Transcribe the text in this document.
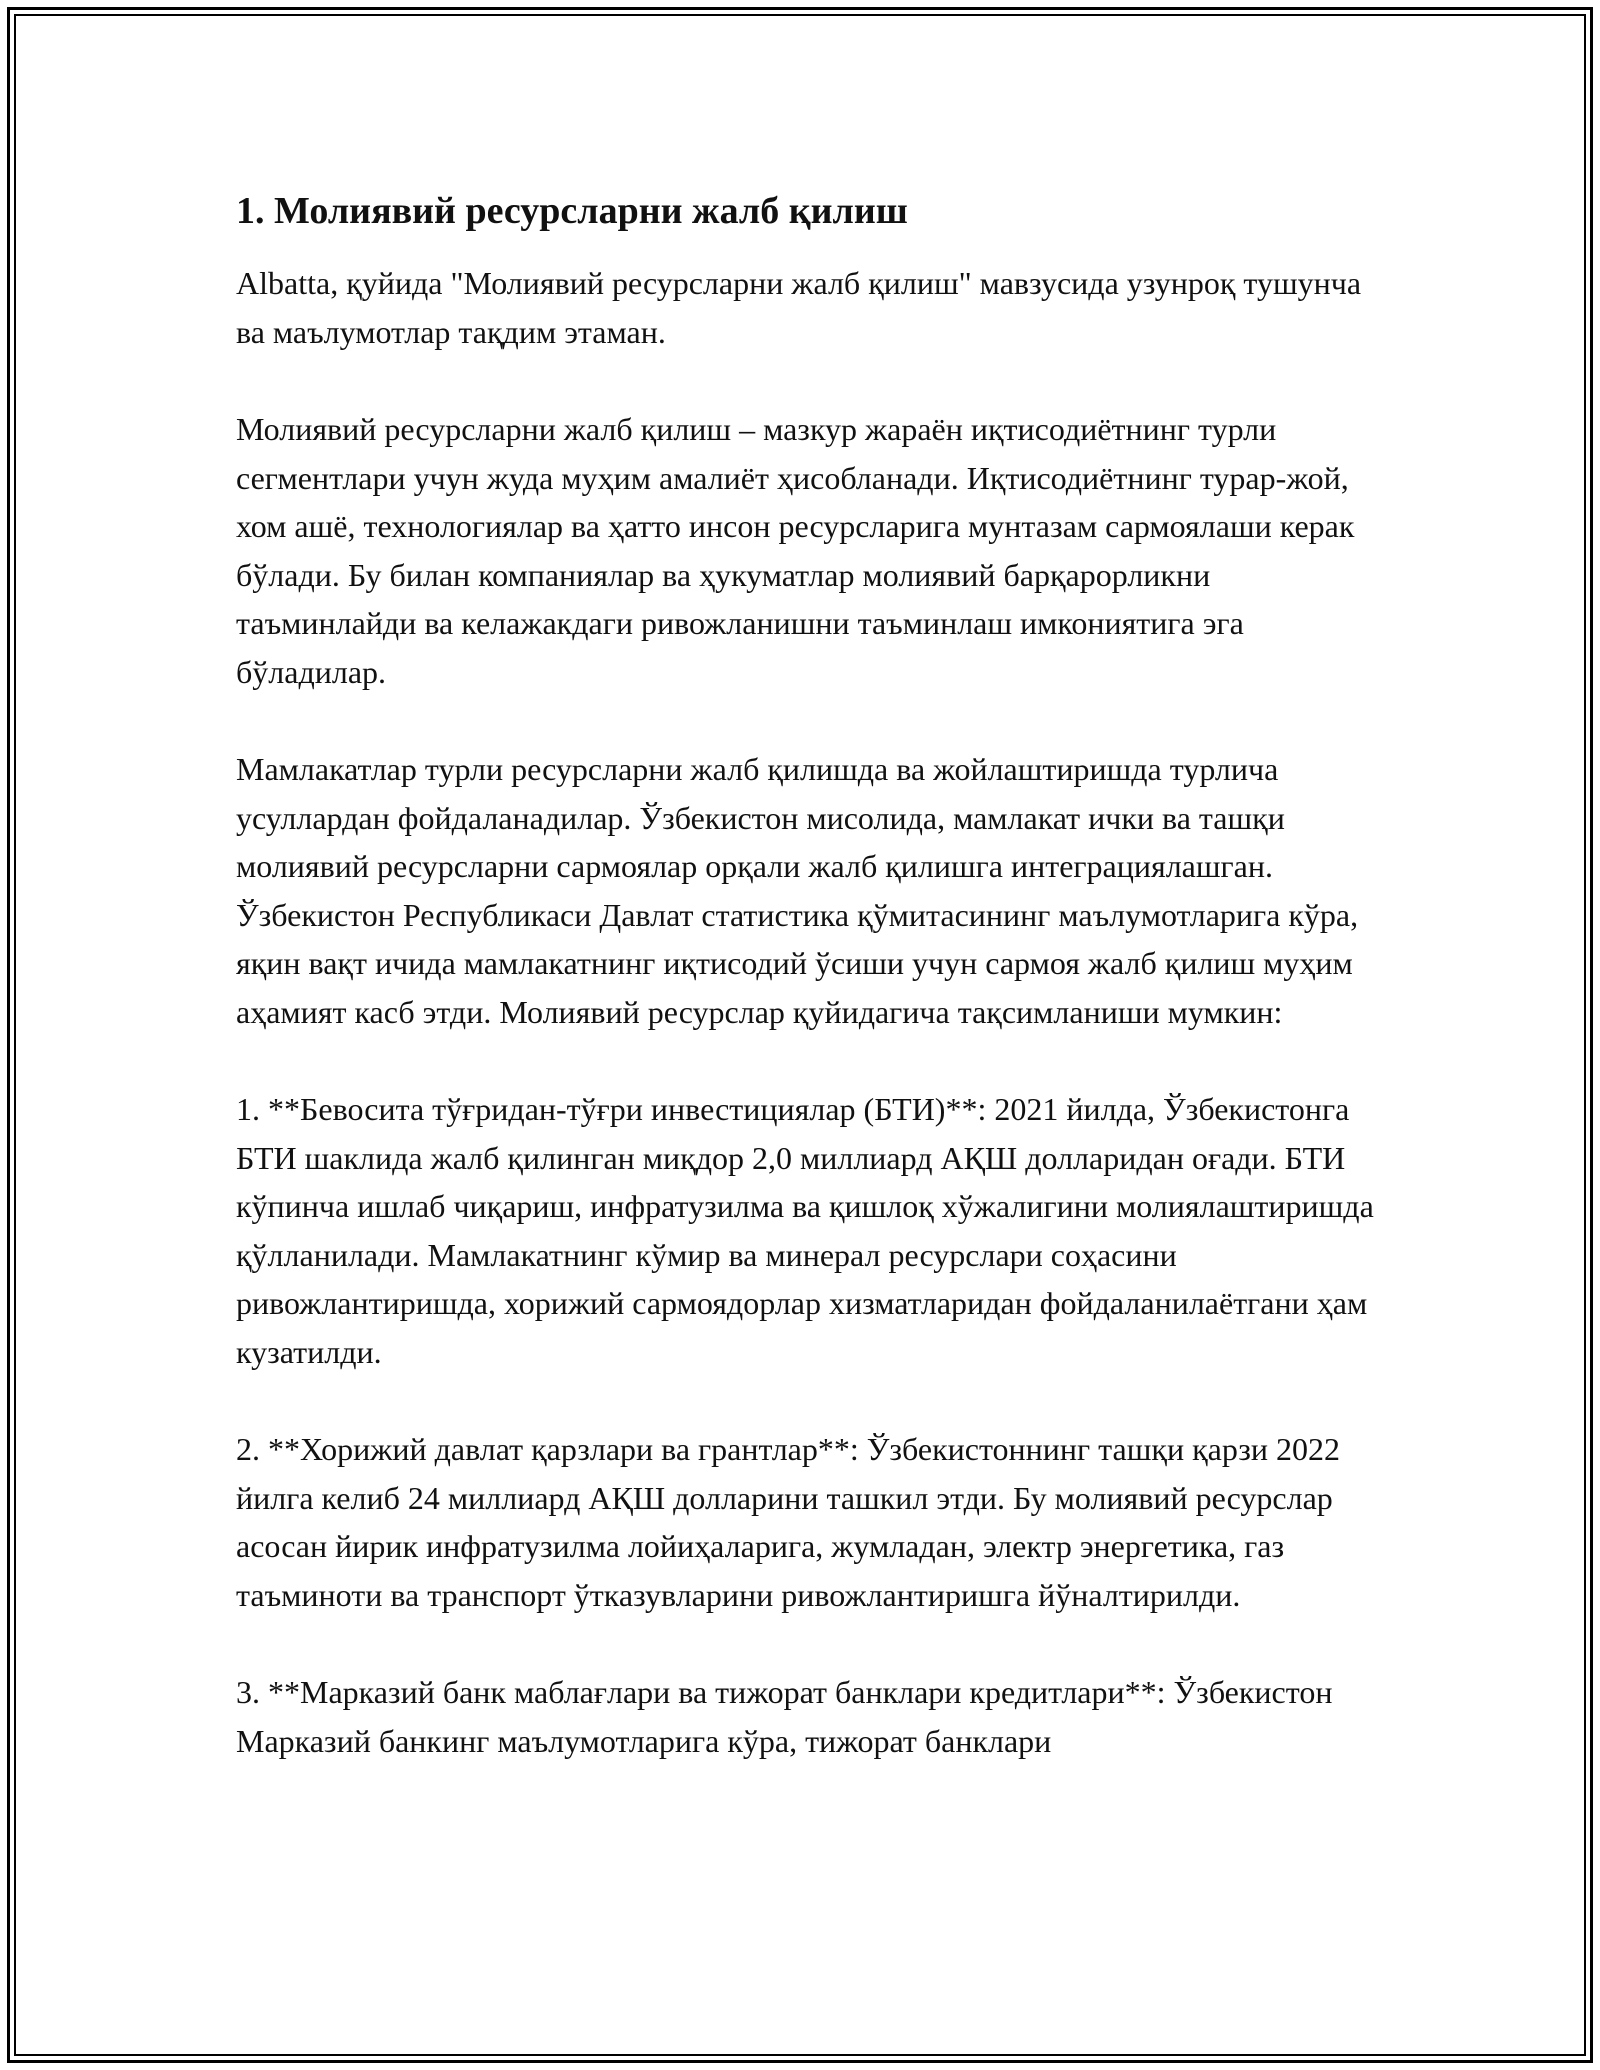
1. Молиявий ресурсларни жалб қилиш

Albatta, қуйида "Молиявий ресурсларни жалб қилиш" мавзусида узунроқ тушунча ва маълумотлар тақдим этаман.

Молиявий ресурсларни жалб қилиш – мазкур жараён иқтисодиётнинг турли сегментлари учун жуда муҳим амалиёт ҳисобланади. Иқтисодиётнинг турар-жой, хом ашё, технологиялар ва ҳатто инсон ресурсларига мунтазам сармоялаши керак бўлади. Бу билан компаниялар ва ҳукуматлар молиявий барқарорликни таъминлайди ва келажакдаги ривожланишни таъминлаш имкониятига эга бўладилар.

Мамлакатлар турли ресурсларни жалб қилишда ва жойлаштиришда турлича усуллардан фойдаланадилар. Ўзбекистон мисолида, мамлакат ички ва ташқи молиявий ресурсларни сармоялар орқали жалб қилишга интеграциялашган. Ўзбекистон Республикаси Давлат статистика қўмитасининг маълумотларига кўра, яқин вақт ичида мамлакатнинг иқтисодий ўсиши учун сармоя жалб қилиш муҳим аҳамият касб этди. Молиявий ресурслар қуйидагича тақсимланиши мумкин:

1. **Бевосита тўғридан-тўғри инвестициялар (БТИ)**: 2021 йилда, Ўзбекистонга БТИ шаклида жалб қилинган миқдор 2,0 миллиард АҚШ долларидан оғади. БТИ кўпинча ишлаб чиқариш, инфратузилма ва қишлоқ хўжалигини молиялаштиришда қўлланилади. Мамлакатнинг кўмир ва минерал ресурслари соҳасини ривожлантиришда, хорижий сармоядорлар хизматларидан фойдаланилаётгани ҳам кузатилди.

2. **Хорижий давлат қарзлари ва грантлар**: Ўзбекистоннинг ташқи қарзи 2022 йилга келиб 24 миллиард АҚШ долларини ташкил этди. Бу молиявий ресурслар асосан йирик инфратузилма лойиҳаларига, жумладан, электр энергетика, газ таъминоти ва транспорт ўтказувларини ривожлантиришга йўналтирилди.

3. **Марказий банк маблағлари ва тижорат банклари кредитлари**: Ўзбекистон Марказий банкинг маълумотларига кўра, тижорат банклари
